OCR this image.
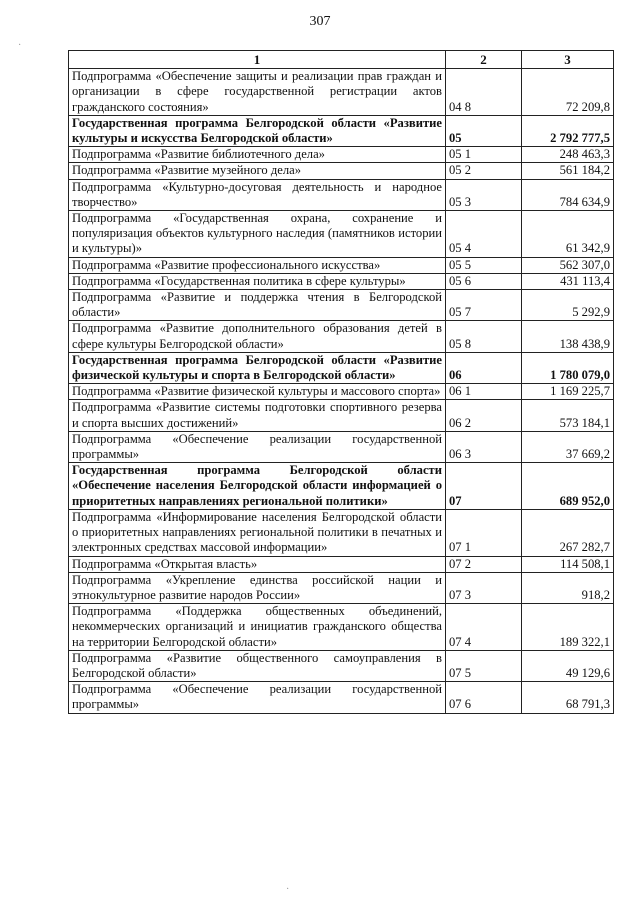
307
1	2	3
Подпрограмма «Обеспечение защиты и реализации прав граждан и организации в сфере государственной регистрации актов гражданского состояния»	04 8	72 209,8
Государственная программа Белгородской области «Развитие культуры и искусства Белгородской области»	05	2 792 777,5
Подпрограмма «Развитие библиотечного дела»	05 1	248 463,3
Подпрограмма «Развитие музейного дела»	05 2	561 184,2
Подпрограмма «Культурно-досуговая деятельность и народное творчество»	05 3	784 634,9
Подпрограмма «Государственная охрана, сохранение и популяризация объектов культурного наследия (памятников истории и культуры)»	05 4	61 342,9
Подпрограмма «Развитие профессионального искусства»	05 5	562 307,0
Подпрограмма «Государственная политика в сфере культуры»	05 6	431 113,4
Подпрограмма «Развитие и поддержка чтения в Белгородской области»	05 7	5 292,9
Подпрограмма «Развитие дополнительного образования детей в сфере культуры Белгородской области»	05 8	138 438,9
Государственная программа Белгородской области «Развитие физической культуры и спорта в Белгородской области»	06	1 780 079,0
Подпрограмма «Развитие физической культуры и массового спорта»	06 1	1 169 225,7
Подпрограмма «Развитие системы подготовки спортивного резерва и спорта высших достижений»	06 2	573 184,1
Подпрограмма «Обеспечение реализации государственной программы»	06 3	37 669,2
Государственная программа Белгородской области «Обеспечение населения Белгородской области информацией о приоритетных направлениях региональной политики»	07	689 952,0
Подпрограмма «Информирование населения Белгородской области о приоритетных направлениях региональной политики в печатных и электронных средствах массовой информации»	07 1	267 282,7
Подпрограмма «Открытая власть»	07 2	114 508,1
Подпрограмма «Укрепление единства российской нации и этнокультурное развитие народов России»	07 3	918,2
Подпрограмма «Поддержка общественных объединений, некоммерческих организаций и инициатив гражданского общества на территории Белгородской области»	07 4	189 322,1
Подпрограмма «Развитие общественного самоуправления в Белгородской области»	07 5	49 129,6
Подпрограмма «Обеспечение реализации государственной программы»	07 6	68 791,3
·
·
